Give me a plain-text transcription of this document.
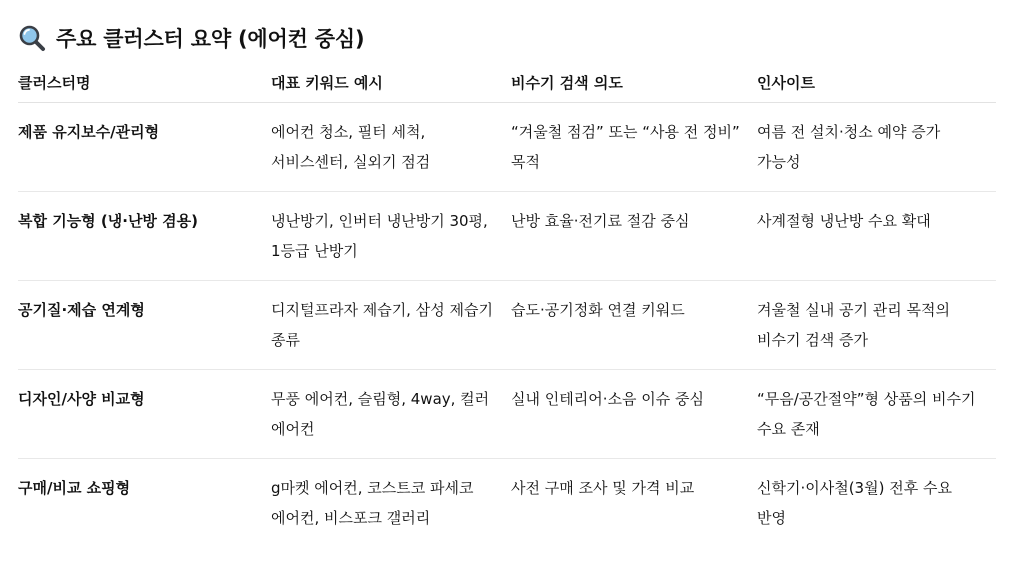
주요 클러스터 요약 (에어컨 중심)
클러스터명	대표 키워드 예시	비수기 검색 의도	인사이트
제품 유지보수/관리형	에어컨 청소, 필터 세척, 서비스센터, 실외기 점검	“겨울철 점검” 또는 “사용 전 정비” 목적	여름 전 설치·청소 예약 증가 가능성
복합 기능형 (냉·난방 겸용)	냉난방기, 인버터 냉난방기 30평, 1등급 난방기	난방 효율·전기료 절감 중심	사계절형 냉난방 수요 확대
공기질·제습 연계형	디지털프라자 제습기, 삼성 제습기 종류	습도·공기정화 연결 키워드	겨울철 실내 공기 관리 목적의 비수기 검색 증가
디자인/사양 비교형	무풍 에어컨, 슬림형, 4way, 컬러 에어컨	실내 인테리어·소음 이슈 중심	“무음/공간절약”형 상품의 비수기 수요 존재
구매/비교 쇼핑형	g마켓 에어컨, 코스트코 파세코 에어컨, 비스포크 갤러리	사전 구매 조사 및 가격 비교	신학기·이사철(3월) 전후 수요 반영
